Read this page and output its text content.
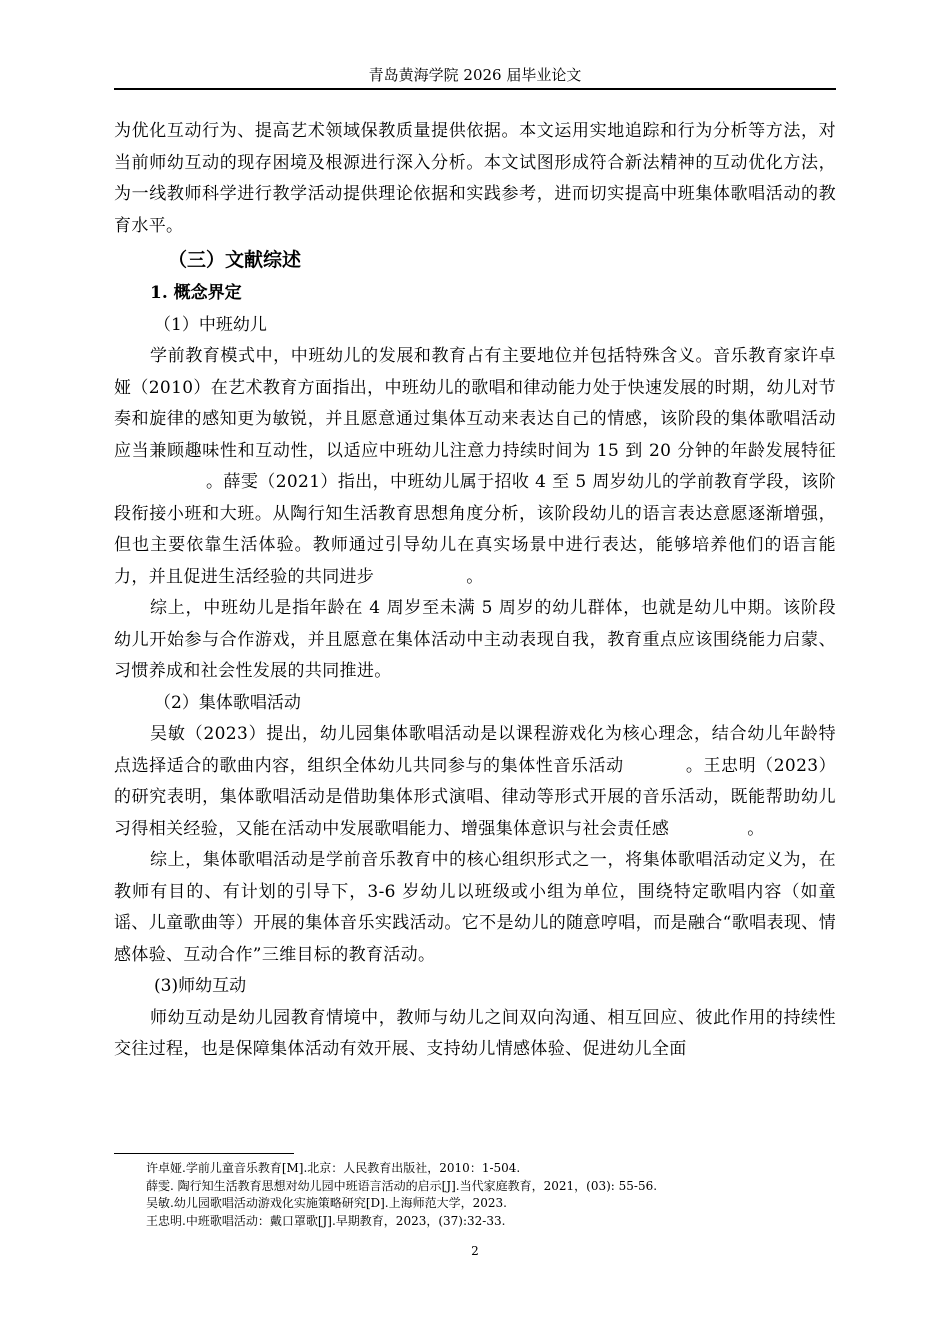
青岛黄海学院 2026 届毕业论文

为优化互动行为、提高艺术领域保教质量提供依据。本文运用实地追踪和行为分析等方法，对当前师幼互动的现存困境及根源进行深入分析。本文试图形成符合新法精神的互动优化方法，为一线教师科学进行教学活动提供理论依据和实践参考，进而切实提高中班集体歌唱活动的教育水平。

（三）文献综述

1. 概念界定

（1）中班幼儿

学前教育模式中，中班幼儿的发展和教育占有主要地位并包括特殊含义。音乐教育家许卓娅（2010）在艺术教育方面指出，中班幼儿的歌唱和律动能力处于快速发展的时期，幼儿对节奏和旋律的感知更为敏锐，并且愿意通过集体互动来表达自己的情感，该阶段的集体歌唱活动应当兼顾趣味性和互动性，以适应中班幼儿注意力持续时间为 15 到 20 分钟的年龄发展特征。薛雯（2021）指出，中班幼儿属于招收 4 至 5 周岁幼儿的学前教育学段，该阶段衔接小班和大班。从陶行知生活教育思想角度分析，该阶段幼儿的语言表达意愿逐渐增强，但也主要依靠生活体验。教师通过引导幼儿在真实场景中进行表达，能够培养他们的语言能力，并且促进生活经验的共同进步	。

综上，中班幼儿是指年龄在 4 周岁至未满 5 周岁的幼儿群体，也就是幼儿中期。该阶段幼儿开始参与合作游戏，并且愿意在集体活动中主动表现自我，教育重点应该围绕能力启蒙、习惯养成和社会性发展的共同推进。

（2）集体歌唱活动

吴敏（2023）提出，幼儿园集体歌唱活动是以课程游戏化为核心理念，结合幼儿年龄特点选择适合的歌曲内容，组织全体幼儿共同参与的集体性音乐活动	。王忠明（2023）的研究表明，集体歌唱活动是借助集体形式演唱、律动等形式开展的音乐活动，既能帮助幼儿习得相关经验，又能在活动中发展歌唱能力、增强集体意识与社会责任感	。

综上，集体歌唱活动是学前音乐教育中的核心组织形式之一，将集体歌唱活动定义为，在教师有目的、有计划的引导下，3-6 岁幼儿以班级或小组为单位，围绕特定歌唱内容（如童谣、儿童歌曲等）开展的集体音乐实践活动。它不是幼儿的随意哼唱，而是融合“歌唱表现、情感体验、互动合作”三维目标的教育活动。

(3)师幼互动

师幼互动是幼儿园教育情境中，教师与幼儿之间双向沟通、相互回应、彼此作用的持续性交往过程，也是保障集体活动有效开展、支持幼儿情感体验、促进幼儿全面

许卓娅.学前儿童音乐教育[M].北京：人民教育出版社，2010：1-504.

薛雯. 陶行知生活教育思想对幼儿园中班语言活动的启示[J].当代家庭教育，2021，(03): 55-56.

吴敏.幼儿园歌唱活动游戏化实施策略研究[D].上海师范大学，2023.

王忠明.中班歌唱活动：戴口罩歌[J].早期教育，2023，(37):32-33.

2
